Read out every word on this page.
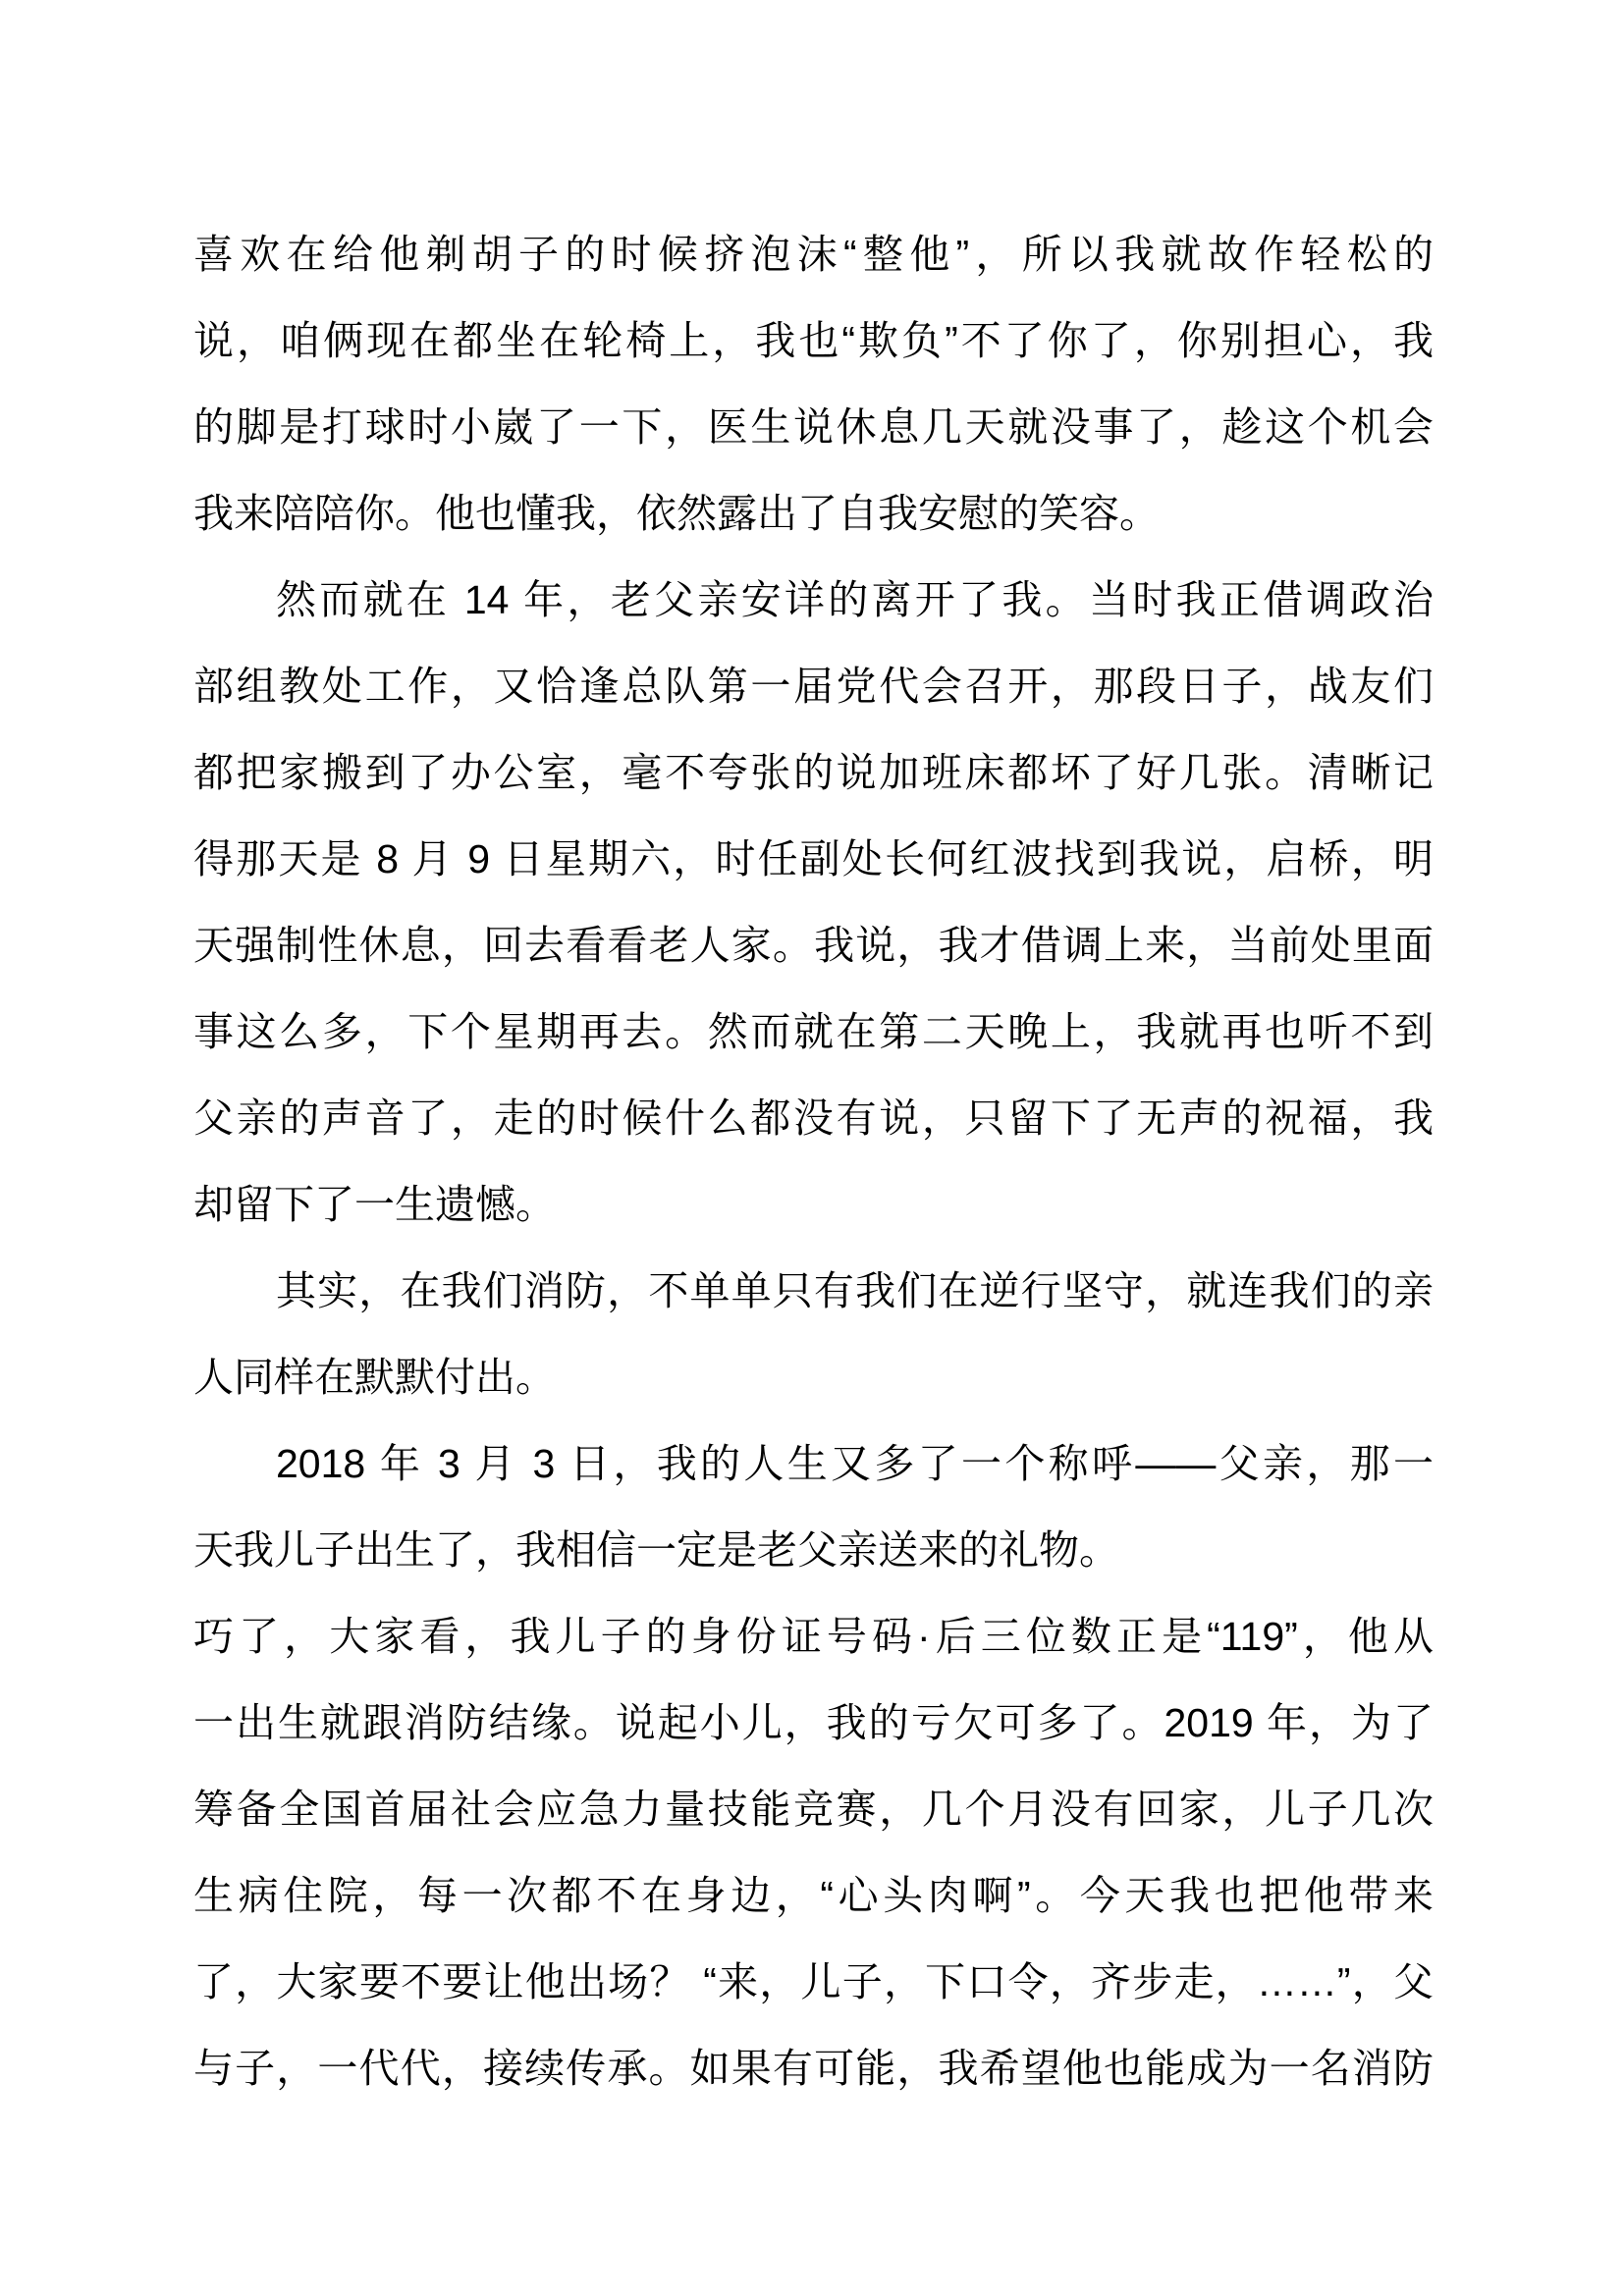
喜欢在给他剃胡子的时候挤泡沫“整他”，所以我就故作轻松的
说，咱俩现在都坐在轮椅上，我也“欺负”不了你了，你别担心，我
的脚是打球时小崴了一下，医生说休息几天就没事了，趁这个机会
我来陪陪你。他也懂我，依然露出了自我安慰的笑容。
然而就在 14 年，老父亲安详的离开了我。当时我正借调政治
部组教处工作，又恰逢总队第一届党代会召开，那段日子，战友们
都把家搬到了办公室，毫不夸张的说加班床都坏了好几张。清晰记
得那天是 8 月 9 日星期六，时任副处长何红波找到我说，启桥，明
天强制性休息，回去看看老人家。我说，我才借调上来，当前处里面
事这么多，下个星期再去。然而就在第二天晚上，我就再也听不到
父亲的声音了，走的时候什么都没有说，只留下了无声的祝福，我
却留下了一生遗憾。
其实，在我们消防，不单单只有我们在逆行坚守，就连我们的亲
人同样在默默付出。
2018 年 3 月 3 日，我的人生又多了一个称呼——父亲，那一
天我儿子出生了，我相信一定是老父亲送来的礼物。
巧了，大家看，我儿子的身份证号码·后三位数正是“119”，他从
一出生就跟消防结缘。说起小儿，我的亏欠可多了。2019 年，为了
筹备全国首届社会应急力量技能竞赛，几个月没有回家，儿子几次
生病住院，每一次都不在身边，“心头肉啊”。今天我也把他带来
了，大家要不要让他出场？ “来，儿子，下口令，齐步走，……”，父
与子，一代代，接续传承。如果有可能，我希望他也能成为一名消防
